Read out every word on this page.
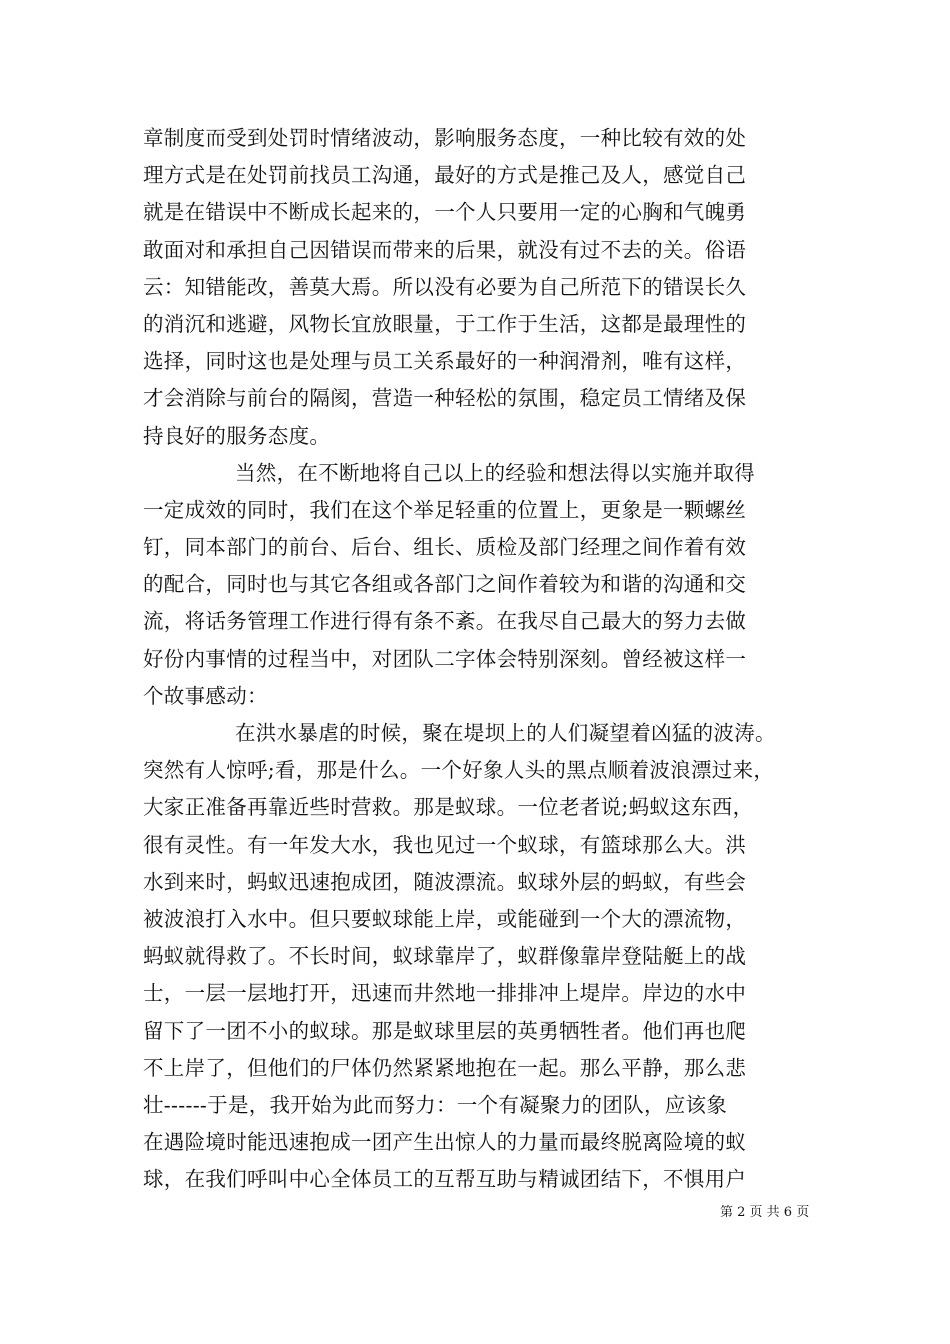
章制度而受到处罚时情绪波动，影响服务态度，一种比较有效的处
理方式是在处罚前找员工沟通，最好的方式是推己及人，感觉自己
就是在错误中不断成长起来的，一个人只要用一定的心胸和气魄勇
敢面对和承担自己因错误而带来的后果，就没有过不去的关。俗语
云：知错能改，善莫大焉。所以没有必要为自己所范下的错误长久
的消沉和逃避，风物长宜放眼量，于工作于生活，这都是最理性的
选择，同时这也是处理与员工关系最好的一种润滑剂，唯有这样，
才会消除与前台的隔阂，营造一种轻松的氛围，稳定员工情绪及保
持良好的服务态度。
当然，在不断地将自己以上的经验和想法得以实施并取得
一定成效的同时，我们在这个举足轻重的位置上，更象是一颗螺丝
钉，同本部门的前台、后台、组长、质检及部门经理之间作着有效
的配合，同时也与其它各组或各部门之间作着较为和谐的沟通和交
流，将话务管理工作进行得有条不紊。在我尽自己最大的努力去做
好份内事情的过程当中，对团队二字体会特别深刻。曾经被这样一
个故事感动：
在洪水暴虐的时候，聚在堤坝上的人们凝望着凶猛的波涛。
突然有人惊呼;看，那是什么。一个好象人头的黑点顺着波浪漂过来，
大家正准备再靠近些时营救。那是蚁球。一位老者说;蚂蚁这东西，
很有灵性。有一年发大水，我也见过一个蚁球，有篮球那么大。洪
水到来时，蚂蚁迅速抱成团，随波漂流。蚁球外层的蚂蚁，有些会
被波浪打入水中。但只要蚁球能上岸，或能碰到一个大的漂流物，
蚂蚁就得救了。不长时间，蚁球靠岸了，蚁群像靠岸登陆艇上的战
士，一层一层地打开，迅速而井然地一排排冲上堤岸。岸边的水中
留下了一团不小的蚁球。那是蚁球里层的英勇牺牲者。他们再也爬
不上岸了，但他们的尸体仍然紧紧地抱在一起。那么平静，那么悲
壮------于是，我开始为此而努力：一个有凝聚力的团队，应该象
在遇险境时能迅速抱成一团产生出惊人的力量而最终脱离险境的蚁
球，在我们呼叫中心全体员工的互帮互助与精诚团结下，不惧用户
第 2 页 共 6 页
